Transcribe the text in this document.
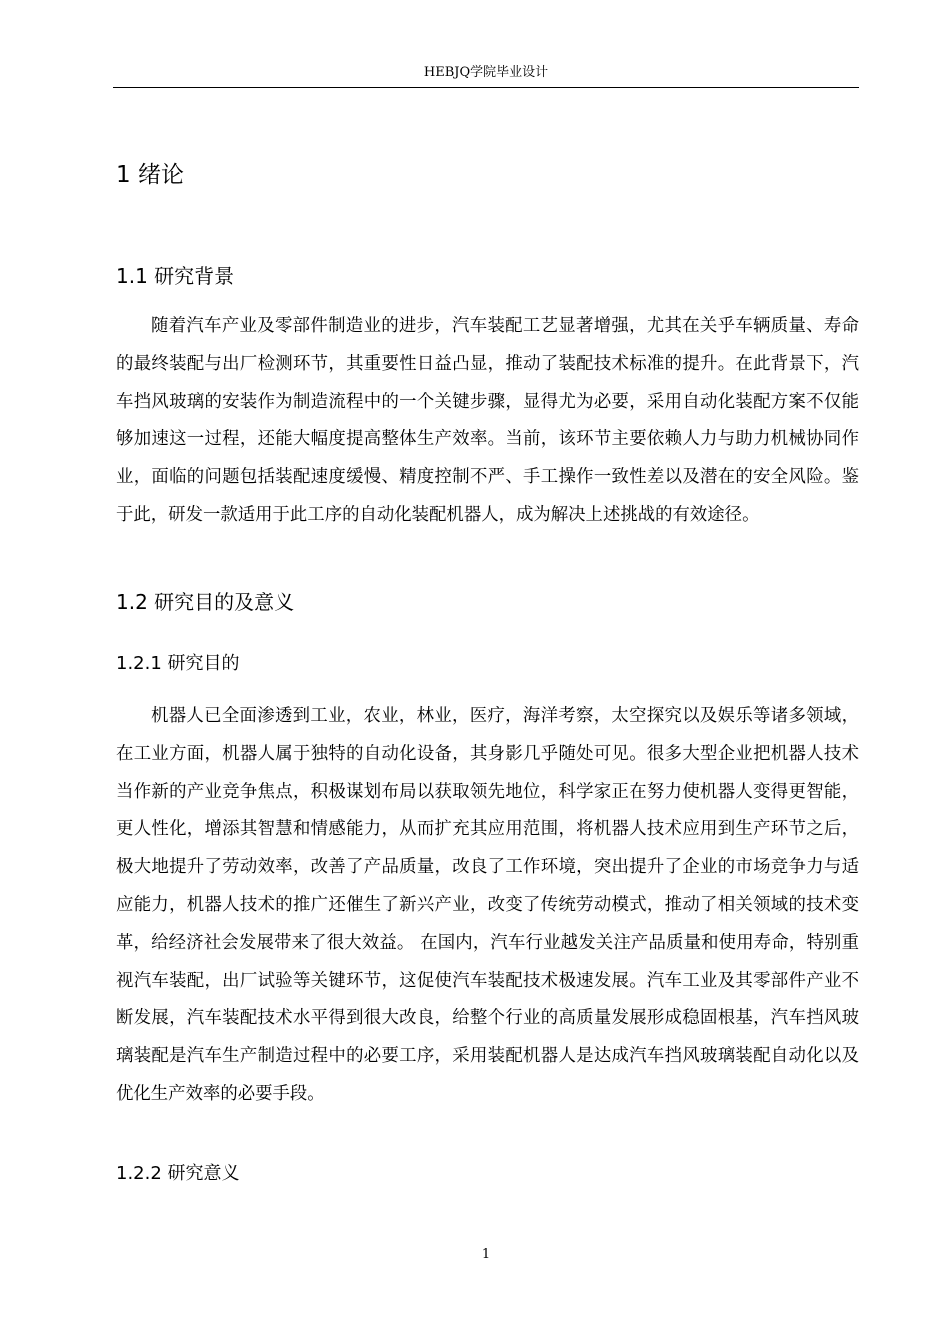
HEBJQ学院毕业设计
1 绪论
1.1 研究背景

随着汽车产业及零部件制造业的进步，汽车装配工艺显著增强，尤其在关乎车辆质量、寿命的最终装配与出厂检测环节，其重要性日益凸显，推动了装配技术标准的提升。在此背景下，汽车挡风玻璃的安装作为制造流程中的一个关键步骤，显得尤为必要，采用自动化装配方案不仅能够加速这一过程，还能大幅度提高整体生产效率。当前，该环节主要依赖人力与助力机械协同作业，面临的问题包括装配速度缓慢、精度控制不严、手工操作一致性差以及潜在的安全风险。鉴于此，研发一款适用于此工序的自动化装配机器人，成为解决上述挑战的有效途径。

1.2 研究目的及意义
1.2.1 研究目的

机器人已全面渗透到工业，农业，林业，医疗，海洋考察，太空探究以及娱乐等诸多领域，在工业方面，机器人属于独特的自动化设备，其身影几乎随处可见。很多大型企业把机器人技术当作新的产业竞争焦点，积极谋划布局以获取领先地位，科学家正在努力使机器人变得更智能，更人性化，增添其智慧和情感能力，从而扩充其应用范围，将机器人技术应用到生产环节之后，极大地提升了劳动效率，改善了产品质量，改良了工作环境，突出提升了企业的市场竞争力与适应能力，机器人技术的推广还催生了新兴产业，改变了传统劳动模式，推动了相关领域的技术变革，给经济社会发展带来了很大效益。 在国内，汽车行业越发关注产品质量和使用寿命，特别重视汽车装配，出厂试验等关键环节，这促使汽车装配技术极速发展。汽车工业及其零部件产业不断发展，汽车装配技术水平得到很大改良，给整个行业的高质量发展形成稳固根基，汽车挡风玻璃装配是汽车生产制造过程中的必要工序，采用装配机器人是达成汽车挡风玻璃装配自动化以及优化生产效率的必要手段。

1.2.2 研究意义
1
